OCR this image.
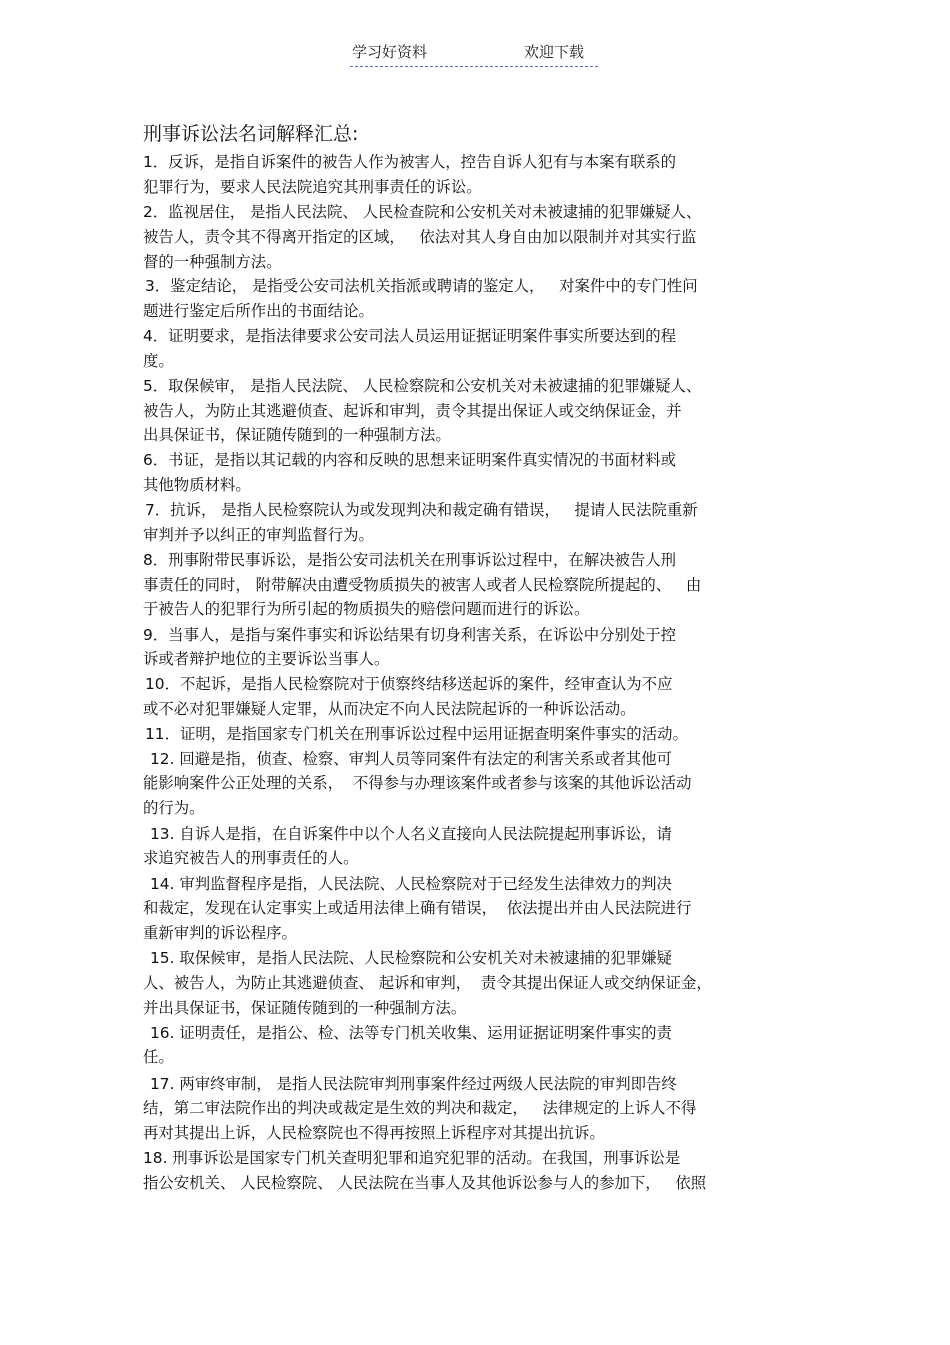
学习好资料	欢迎下载
刑事诉讼法名词解释汇总:
1．反诉，是指自诉案件的被告人作为被害人，控告自诉人犯有与本案有联系的
犯罪行为，要求人民法院追究其刑事责任的诉讼。
2．监视居住， 是指人民法院、 人民检查院和公安机关对未被逮捕的犯罪嫌疑人、
被告人，责令其不得离开指定的区域，   依法对其人身自由加以限制并对其实行监
督的一种强制方法。
3．鉴定结论， 是指受公安司法机关指派或聘请的鉴定人，   对案件中的专门性问
题进行鉴定后所作出的书面结论。
4．证明要求，是指法律要求公安司法人员运用证据证明案件事实所要达到的程
度。
5．取保候审， 是指人民法院、 人民检察院和公安机关对未被逮捕的犯罪嫌疑人、
被告人，为防止其逃避侦查、起诉和审判，责令其提出保证人或交纳保证金，并
出具保证书，保证随传随到的一种强制方法。
6．书证，是指以其记载的内容和反映的思想来证明案件真实情况的书面材料或
其他物质材料。
7．抗诉， 是指人民检察院认为或发现判决和裁定确有错误，   提请人民法院重新
审判并予以纠正的审判监督行为。
8．刑事附带民事诉讼，是指公安司法机关在刑事诉讼过程中，在解决被告人刑
事责任的同时， 附带解决由遭受物质损失的被害人或者人民检察院所提起的、   由
于被告人的犯罪行为所引起的物质损失的赔偿问题而进行的诉讼。
9．当事人，是指与案件事实和诉讼结果有切身利害关系，在诉讼中分别处于控
诉或者辩护地位的主要诉讼当事人。
10．不起诉，是指人民检察院对于侦察终结移送起诉的案件，经审查认为不应
或不必对犯罪嫌疑人定罪，从而决定不向人民法院起诉的一种诉讼活动。
11．证明，是指国家专门机关在刑事诉讼过程中运用证据查明案件事实的活动。
12. 回避是指，侦查、检察、审判人员等同案件有法定的利害关系或者其他可
能影响案件公正处理的关系，  不得参与办理该案件或者参与该案的其他诉讼活动
的行为。
13. 自诉人是指，在自诉案件中以个人名义直接向人民法院提起刑事诉讼，请
求追究被告人的刑事责任的人。
14. 审判监督程序是指，人民法院、人民检察院对于已经发生法律效力的判决
和裁定，发现在认定事实上或适用法律上确有错误，  依法提出并由人民法院进行
重新审判的诉讼程序。
15. 取保候审，是指人民法院、人民检察院和公安机关对未被逮捕的犯罪嫌疑
人、被告人，为防止其逃避侦查、 起诉和审判，  责令其提出保证人或交纳保证金，
并出具保证书，保证随传随到的一种强制方法。
16. 证明责任，是指公、检、法等专门机关收集、运用证据证明案件事实的责
任。
17. 两审终审制， 是指人民法院审判刑事案件经过两级人民法院的审判即告终
结，第二审法院作出的判决或裁定是生效的判决和裁定，   法律规定的上诉人不得
再对其提出上诉，人民检察院也不得再按照上诉程序对其提出抗诉。
18. 刑事诉讼是国家专门机关查明犯罪和追究犯罪的活动。在我国，刑事诉讼是
指公安机关、 人民检察院、 人民法院在当事人及其他诉讼参与人的参加下，   依照
